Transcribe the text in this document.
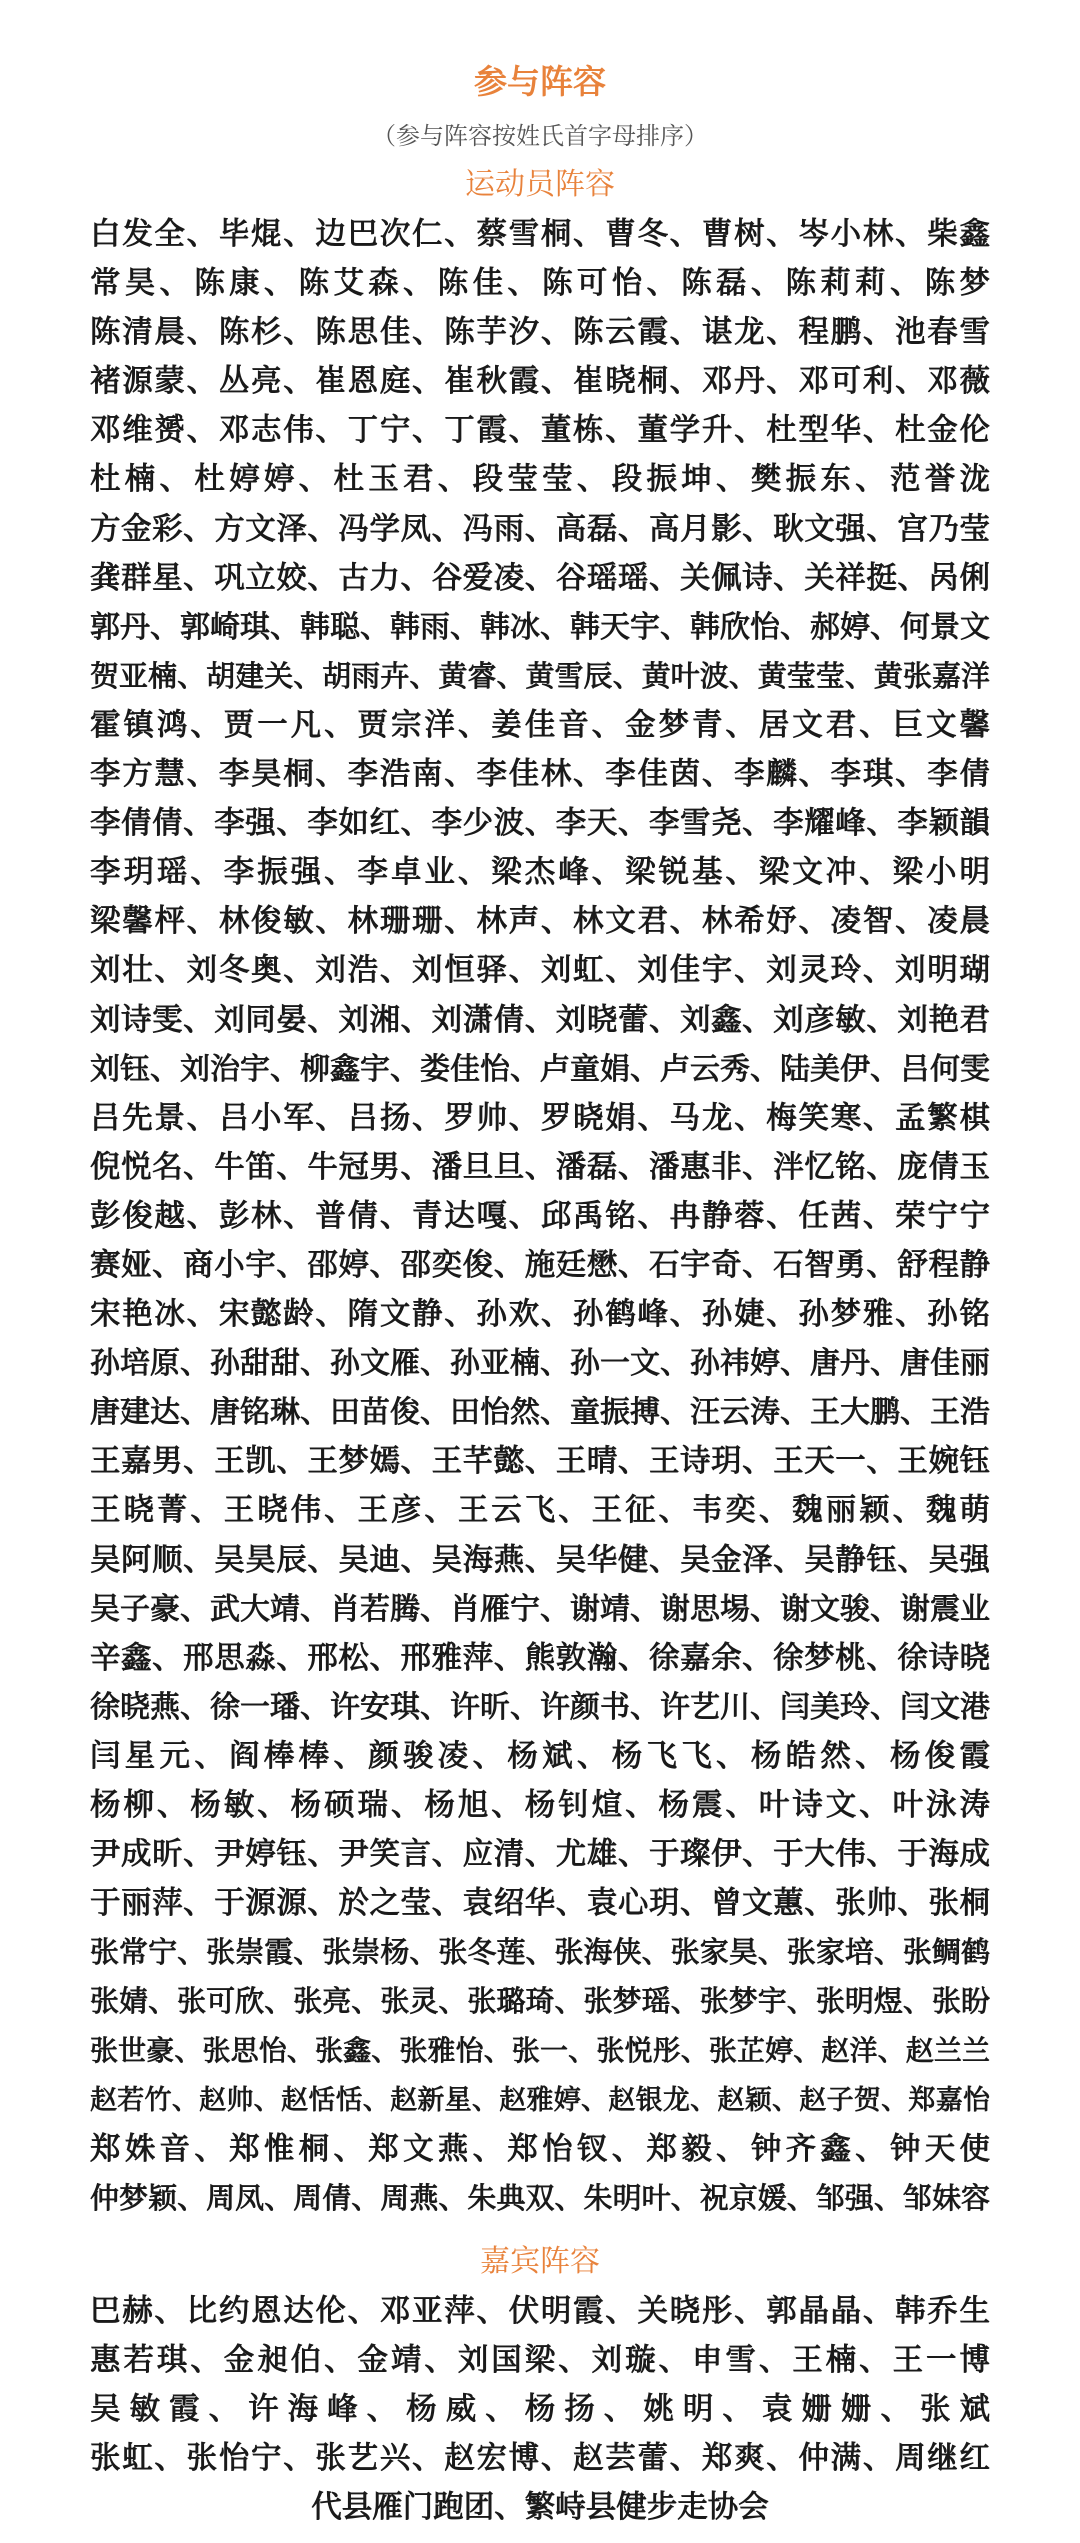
参与阵容
（参与阵容按姓氏首字母排序）
运动员阵容
白发全、毕焜、边巴次仁、蔡雪桐、曹冬、曹树、岑小林、柴鑫
常昊、陈康、陈艾森、陈佳、陈可怡、陈磊、陈莉莉、陈梦
陈清晨、陈杉、陈思佳、陈芋汐、陈云霞、谌龙、程鹏、池春雪
褚源蒙、丛亮、崔恩庭、崔秋霞、崔晓桐、邓丹、邓可利、邓薇
邓维赟、邓志伟、丁宁、丁霞、董栋、董学升、杜型华、杜金伦
杜楠、杜婷婷、杜玉君、段莹莹、段振坤、樊振东、范誉泷
方金彩、方文泽、冯学凤、冯雨、高磊、高月影、耿文强、宫乃莹
龚群星、巩立姣、古力、谷爱凌、谷瑶瑶、关佩诗、关祥挺、呙俐
郭丹、郭崎琪、韩聪、韩雨、韩冰、韩天宇、韩欣怡、郝婷、何景文
贺亚楠、胡建关、胡雨卉、黄睿、黄雪辰、黄叶波、黄莹莹、黄张嘉洋
霍镇鸿、贾一凡、贾宗洋、姜佳音、金梦青、居文君、巨文馨
李方慧、李昊桐、李浩南、李佳林、李佳茵、李麟、李琪、李倩
李倩倩、李强、李如红、李少波、李天、李雪尧、李耀峰、李颖韻
李玥瑶、李振强、李卓业、梁杰峰、梁锐基、梁文冲、梁小明
梁馨枰、林俊敏、林珊珊、林声、林文君、林希妤、凌智、凌晨
刘壮、刘冬奥、刘浩、刘恒驿、刘虹、刘佳宇、刘灵玲、刘明瑚
刘诗雯、刘同晏、刘湘、刘潇倩、刘晓蕾、刘鑫、刘彦敏、刘艳君
刘钰、刘治宇、柳鑫宇、娄佳怡、卢童娟、卢云秀、陆美伊、吕何雯
吕先景、吕小军、吕扬、罗帅、罗晓娟、马龙、梅笑寒、孟繁棋
倪悦名、牛笛、牛冠男、潘旦旦、潘磊、潘惠非、泮忆铭、庞倩玉
彭俊越、彭林、普倩、青达嘎、邱禹铭、冉静蓉、任茜、荣宁宁
赛娅、商小宇、邵婷、邵奕俊、施廷懋、石宇奇、石智勇、舒程静
宋艳冰、宋懿龄、隋文静、孙欢、孙鹤峰、孙婕、孙梦雅、孙铭
孙培原、孙甜甜、孙文雁、孙亚楠、孙一文、孙祎婷、唐丹、唐佳丽
唐建达、唐铭琳、田苗俊、田怡然、童振搏、汪云涛、王大鹏、王浩
王嘉男、王凯、王梦嫣、王芊懿、王晴、王诗玥、王天一、王婉钰
王晓菁、王晓伟、王彦、王云飞、王征、韦奕、魏丽颖、魏萌
吴阿顺、吴昊辰、吴迪、吴海燕、吴华健、吴金泽、吴静钰、吴强
吴子豪、武大靖、肖若腾、肖雁宁、谢靖、谢思埸、谢文骏、谢震业
辛鑫、邢思淼、邢松、邢雅萍、熊敦瀚、徐嘉余、徐梦桃、徐诗晓
徐晓燕、徐一璠、许安琪、许昕、许颜书、许艺川、闫美玲、闫文港
闫星元、阎棒棒、颜骏凌、杨斌、杨飞飞、杨皓然、杨俊霞
杨柳、杨敏、杨硕瑞、杨旭、杨钊煊、杨震、叶诗文、叶泳涛
尹成昕、尹婷钰、尹笑言、应清、尤雄、于璨伊、于大伟、于海成
于丽萍、于源源、於之莹、袁绍华、袁心玥、曾文蕙、张帅、张桐
张常宁、张崇霞、张崇杨、张冬莲、张海侠、张家昊、张家培、张鲷鹤
张婧、张可欣、张亮、张灵、张璐琦、张梦瑶、张梦宇、张明煜、张盼
张世豪、张思怡、张鑫、张雅怡、张一、张悦彤、张芷婷、赵洋、赵兰兰
赵若竹、赵帅、赵恬恬、赵新星、赵雅婷、赵银龙、赵颖、赵子贺、郑嘉怡
郑姝音、郑惟桐、郑文燕、郑怡钗、郑毅、钟齐鑫、钟天使
仲梦颖、周凤、周倩、周燕、朱典双、朱明叶、祝京媛、邹强、邹妹容
嘉宾阵容
巴赫、比约恩达伦、邓亚萍、伏明霞、关晓彤、郭晶晶、韩乔生
惠若琪、金昶伯、金靖、刘国梁、刘璇、申雪、王楠、王一博
吴敏霞、许海峰、杨威、杨扬、姚明、袁姗姗、张斌
张虹、张怡宁、张艺兴、赵宏博、赵芸蕾、郑爽、仲满、周继红
代县雁门跑团、繁峙县健步走协会
